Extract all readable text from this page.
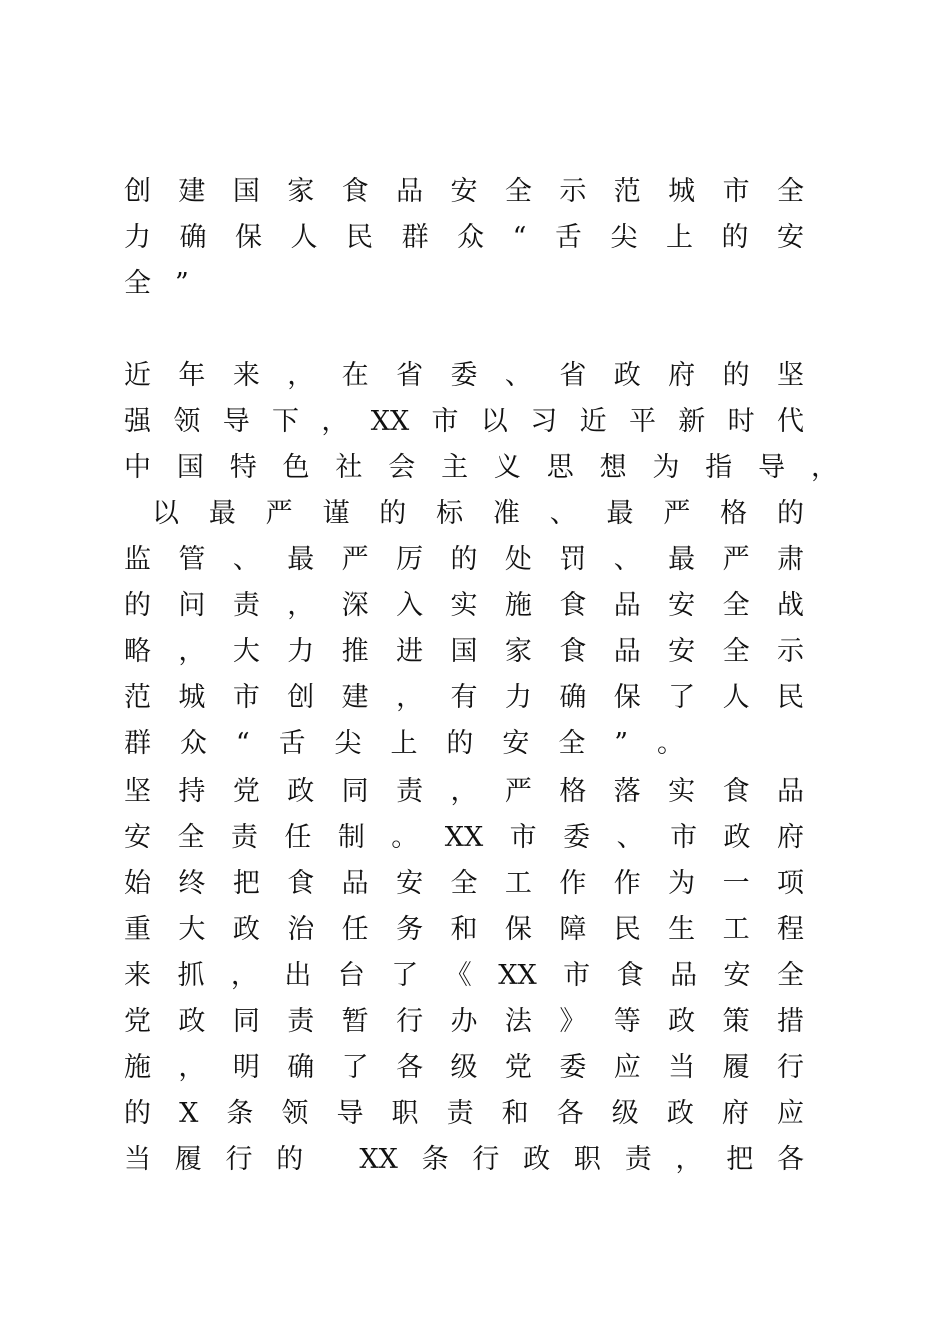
创建国家食品安全示范城市全
力确保人民群众“舌尖上的安
全”
近年来，在省委、省政府的坚
强领导下，XX市以习近平新时代
中国特色社会主义思想为指导，
以最严谨的标准、最严格的
监管、最严厉的处罚、最严肃
的问责，深入实施食品安全战
略，大力推进国家食品安全示
范城市创建，有力确保了人民
群众“舌尖上的安全”。
坚持党政同责，严格落实食品
安全责任制。XX市委、市政府
始终把食品安全工作作为一项
重大政治任务和保障民生工程
来抓，出台了《XX市食品安全
党政同责暂行办法》等政策措
施，明确了各级党委应当履行
的X条领导职责和各级政府应
当履行的 XX条行政职责，把各
